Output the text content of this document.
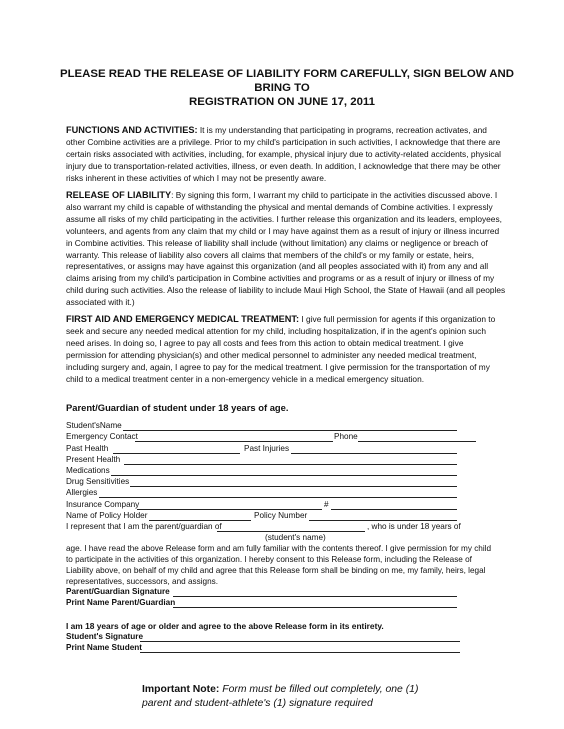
PLEASE READ THE RELEASE OF LIABILITY FORM CAREFULLY, SIGN BELOW AND
BRING TO
REGISTRATION ON JUNE 17, 2011
FUNCTIONS AND ACTIVITIES: It is my understanding that participating in programs, recreation activates, and other Combine activities are a privilege. Prior to my child's participation in such activities, I acknowledge that there are certain risks associated with activities, including, for example, physical injury due to activity-related accidents, physical injury due to transportation-related activities, illness, or even death. In addition, I acknowledge that there may be other risks inherent in these activities of which I may not be presently aware.
RELEASE OF LIABILITY: By signing this form, I warrant my child to participate in the activities discussed above. I also warrant my child is capable of withstanding the physical and mental demands of Combine activities. I expressly assume all risks of my child participating in the activities. I further release this organization and its leaders, employees, volunteers, and agents from any claim that my child or I may have against them as a result of injury or illness incurred in Combine activities. This release of liability shall include (without limitation) any claims or negligence or breach of warranty. This release of liability also covers all claims that members of the child's or my family or estate, heirs, representatives, or assigns may have against this organization (and all peoples associated with it) from any and all claims arising from my child's participation in Combine activities and programs or as a result of injury or illness of my child during such activities. Also the release of liability to include Maui High School, the State of Hawaii (and all peoples associated with it.)
FIRST AID AND EMERGENCY MEDICAL TREATMENT: I give full permission for agents if this organization to seek and secure any needed medical attention for my child, including hospitalization, if in the agent's opinion such need arises. In doing so, I agree to pay all costs and fees from this action to obtain medical treatment. I give permission for attending physician(s) and other medical personnel to administer any needed medical treatment, including surgery and, again, I agree to pay for the medical treatment. I give permission for the transportation of my child to a medical treatment center in a non-emergency vehicle in a medical emergency situation.
Parent/Guardian of student under 18 years of age.
Student'sName
Emergency Contact	Phone
Past Health	Past Injuries
Present Health
Medications
Drug Sensitivities
Allergies
Insurance Company	#
Name of Policy Holder	Policy Number
I represent that I am the parent/guardian of	, who is under 18 years of
(student's name)
age. I have read the above Release form and am fully familiar with the contents thereof. I give permission for my child to participate in the activities of this organization. I hereby consent to this Release form, including the Release of Liability above, on behalf of my child and agree that this Release form shall be binding on me, my family, heirs, legal representatives, successors, and assigns.
Parent/Guardian Signature
Print Name Parent/Guardian
I am 18 years of age or older and agree to the above Release form in its entirety.
Student's Signature
Print Name Student
Important Note: Form must be filled out completely, one (1)
parent and student-athlete's (1) signature required
